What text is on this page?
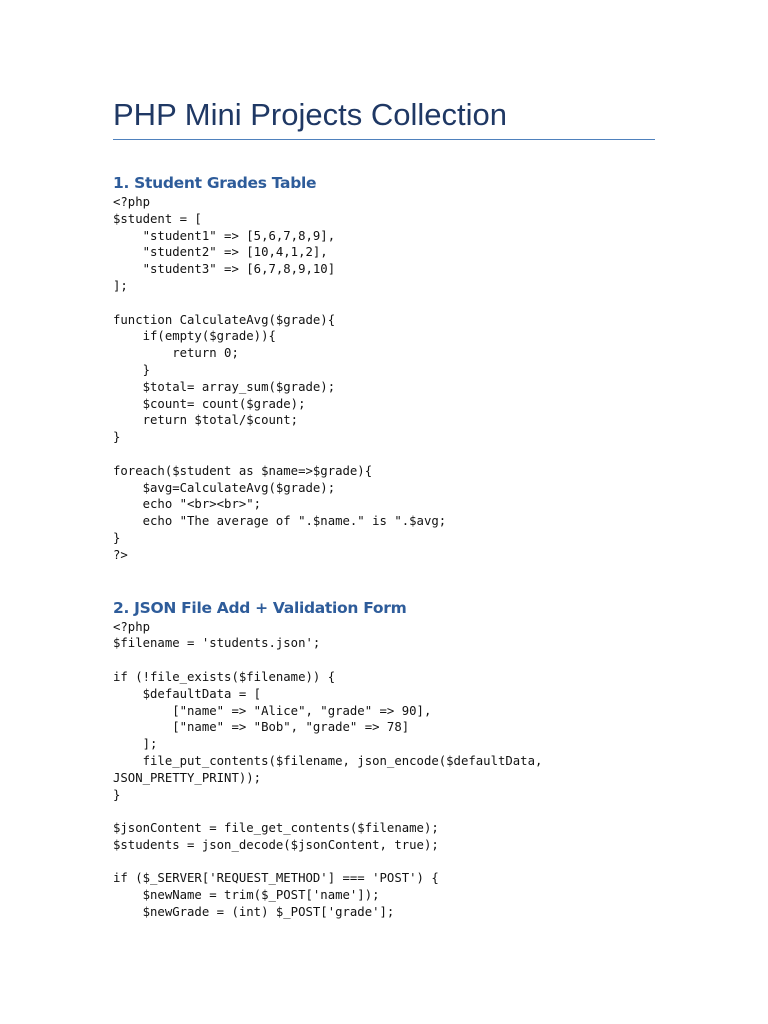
PHP Mini Projects Collection
1. Student Grades Table
<?php
$student = [
"student1" => [5,6,7,8,9],
"student2" => [10,4,1,2],
"student3" => [6,7,8,9,10]
];

function CalculateAvg($grade){
if(empty($grade)){
return 0;
}
$total= array_sum($grade);
$count= count($grade);
return $total/$count;
}

foreach($student as $name=>$grade){
$avg=CalculateAvg($grade);
echo "<br><br>";
echo "The average of ".$name." is ".$avg;
}
?>
2. JSON File Add + Validation Form
<?php
$filename = 'students.json';

if (!file_exists($filename)) {
$defaultData = [
["name" => "Alice", "grade" => 90],
["name" => "Bob", "grade" => 78]
];
file_put_contents($filename, json_encode($defaultData,
JSON_PRETTY_PRINT));
}

$jsonContent = file_get_contents($filename);
$students = json_decode($jsonContent, true);

if ($_SERVER['REQUEST_METHOD'] === 'POST') {
$newName = trim($_POST['name']);
$newGrade = (int) $_POST['grade'];
